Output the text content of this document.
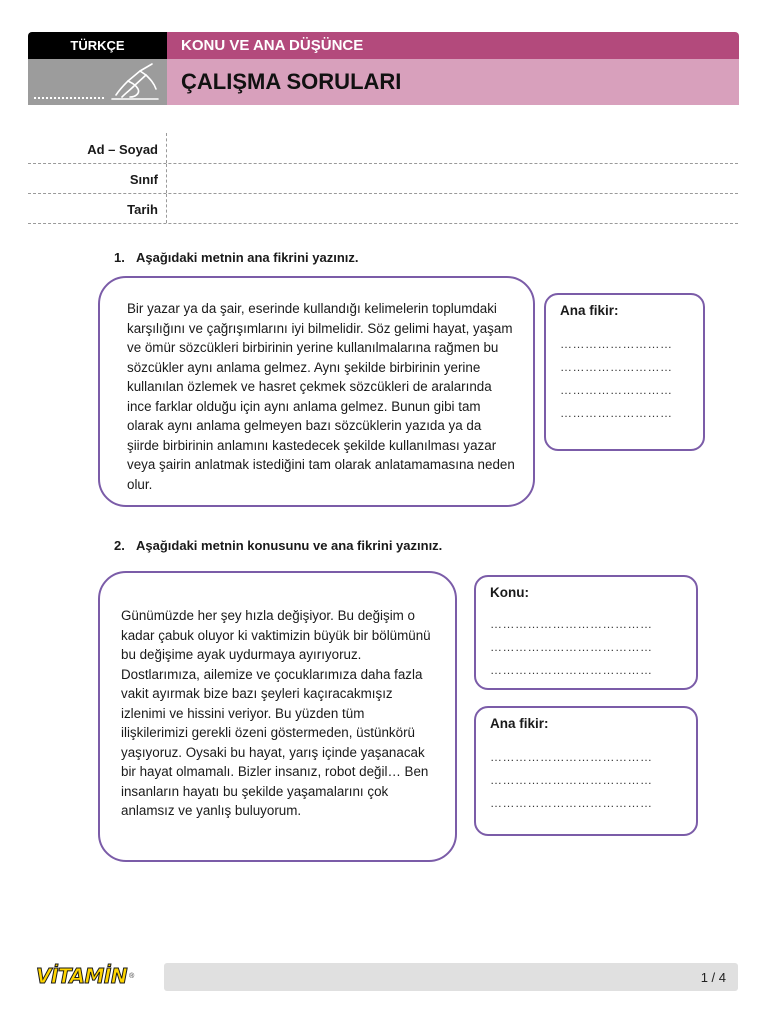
TÜRKÇE	KONU VE ANA DÜŞÜNCE
ÇALIŞMA SORULARI
Ad – Soyad
Sınıf
Tarih
1. Aşağıdaki metnin ana fikrini yazınız.

Bir yazar ya da şair, eserinde kullandığı kelimelerin toplumdaki karşılığını ve çağrışımlarını iyi bilmelidir. Söz gelimi hayat, yaşam ve ömür sözcükleri birbirinin yerine kullanılmalarına rağmen bu sözcükler aynı anlama gelmez. Aynı şekilde birbirinin yerine kullanılan özlemek ve hasret çekmek sözcükleri de aralarında ince farklar olduğu için aynı anlama gelmez. Bunun gibi tam olarak aynı anlama gelmeyen bazı sözcüklerin yazıda ya da şiirde birbirinin anlamını kastedecek şekilde kullanılması yazar veya şairin anlatmak istediğini tam olarak anlatamamasına neden olur.

Ana fikir:
………………………
………………………
………………………
………………………
2. Aşağıdaki metnin konusunu ve ana fikrini yazınız.

Günümüzde her şey hızla değişiyor. Bu değişim o kadar çabuk oluyor ki vaktimizin büyük bir bölümünü bu değişime ayak uydurmaya ayırıyoruz. Dostlarımıza, ailemize ve çocuklarımıza daha fazla vakit ayırmak bize bazı şeyleri kaçıracakmışız izlenimi ve hissini veriyor. Bu yüzden tüm ilişkilerimizi gerekli özeni göstermeden, üstünkörü yaşıyoruz. Oysaki bu hayat, yarış içinde yaşanacak bir hayat olmamalı. Bizler insanız, robot değil… Ben insanların hayatı bu şekilde yaşamalarını çok anlamsız ve yanlış buluyorum.

Konu:
…………………………………
…………………………………
…………………………………
Ana fikir:
…………………………………
…………………………………
…………………………………
VİTAMİN ®	1 / 4
